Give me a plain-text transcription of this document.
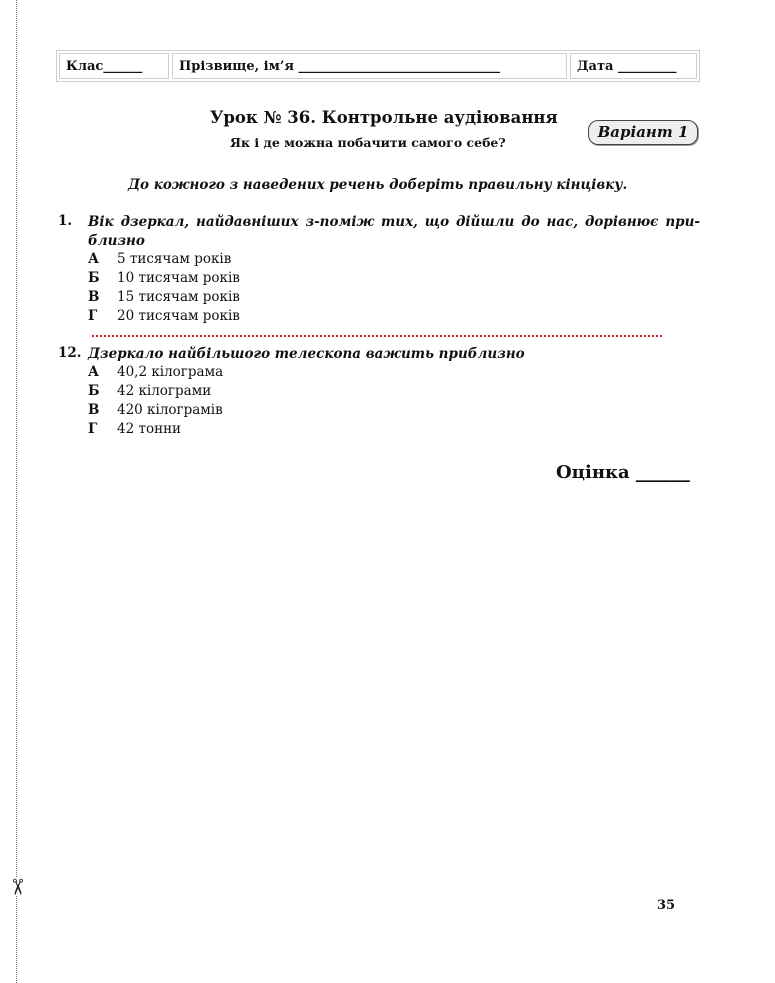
✂
Клас______	Прізвище, ім’я _______________________________	Дата _________
Урок № 36. Контрольне аудіювання
Як і де можна побачити самого себе?
Варіант 1
До кожного з наведених речень доберіть правильну кінцівку.
1. Вік дзеркал, найдавніших з-поміж тих, що дійшли до нас, дорівнює при- близно
А 5 тисячам років
Б 10 тисячам років
В 15 тисячам років
Г 20 тисячам років
12. Дзеркало найбільшого телескопа важить приблизно
А 40,2 кілограма
Б 42 кілограми
В 420 кілограмів
Г 42 тонни
Оцінка ______
35
